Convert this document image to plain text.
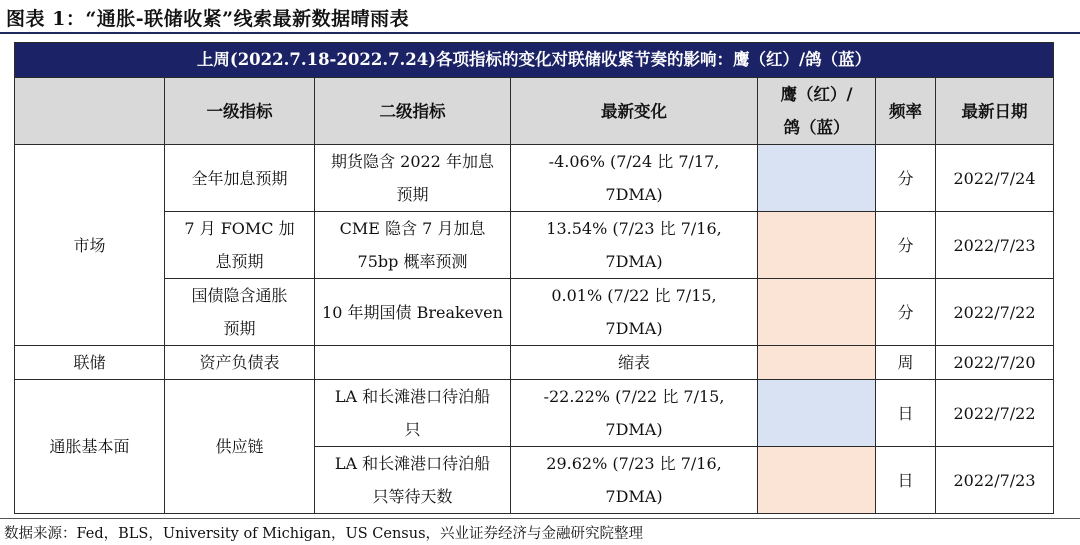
图表 1：“通胀-联储收紧”线索最新数据晴雨表
上周(2022.7.18-2022.7.24)各项指标的变化对联储收紧节奏的影响：鹰（红）/鸽（蓝）						
	一级指标	二级指标	最新变化	鹰（红）/
鸽（蓝）	频率	最新日期
市场	全年加息预期	期货隐含 2022 年加息
预期	-4.06% (7/24 比 7/17,
7DMA)		分	2022/7/24
	7 月 FOMC 加
息预期	CME 隐含 7 月加息
75bp 概率预测	13.54% (7/23 比 7/16,
7DMA)		分	2022/7/23
	国债隐含通胀
预期	10 年期国债 Breakeven	0.01% (7/22 比 7/15,
7DMA)		分	2022/7/22
联储	资产负债表		缩表		周	2022/7/20
通胀基本面	供应链	LA 和长滩港口待泊船
只	-22.22% (7/22 比 7/15,
7DMA)		日	2022/7/22
		LA 和长滩港口待泊船
只等待天数	29.62% (7/23 比 7/16,
7DMA)		日	2022/7/23
数据来源：Fed，BLS，University of Michigan，US Census，兴业证券经济与金融研究院整理
